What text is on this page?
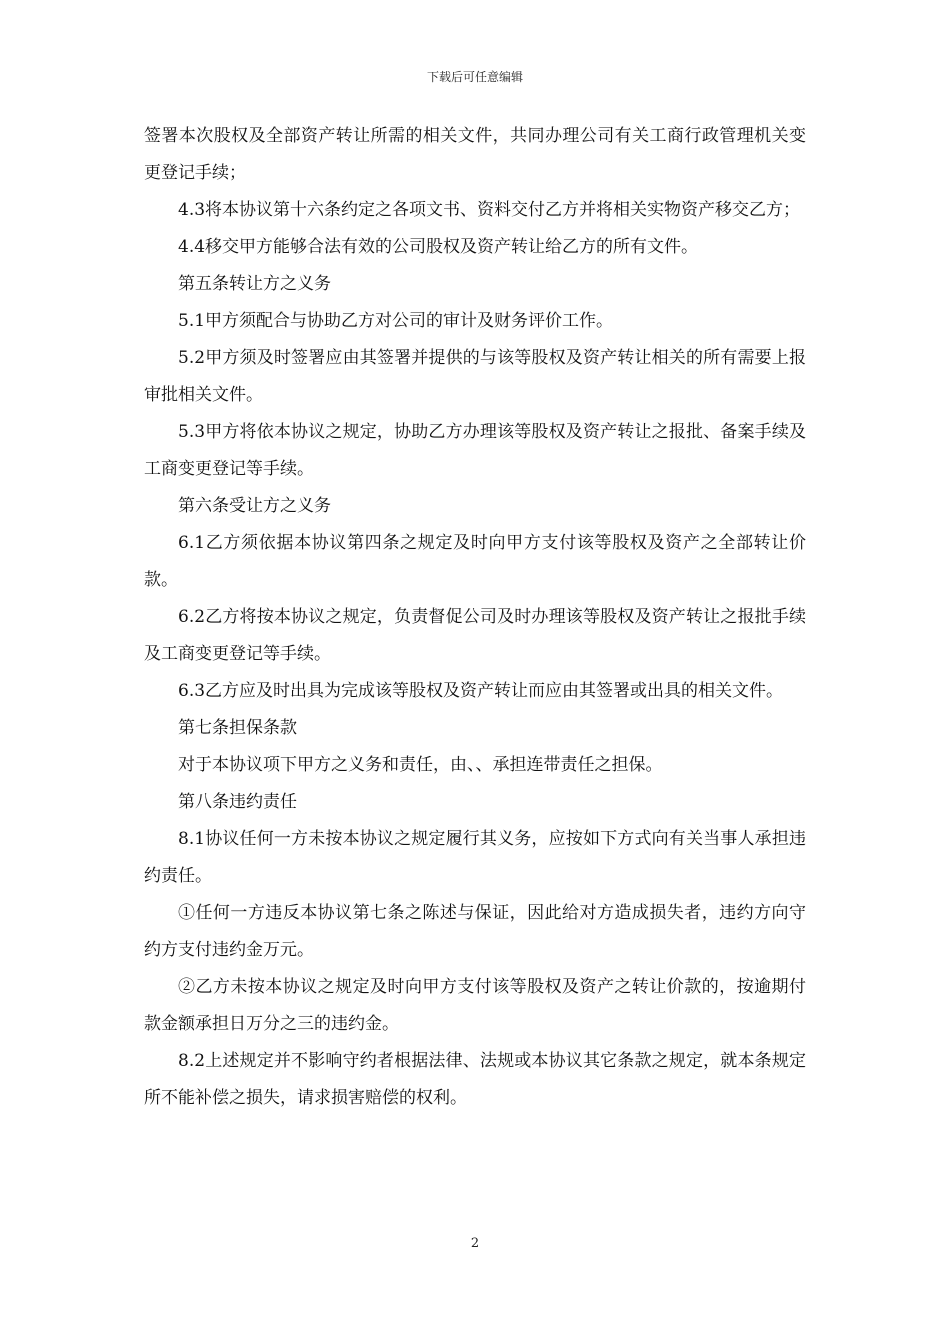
下载后可任意编辑

签署本次股权及全部资产转让所需的相关文件，共同办理公司有关工商行政管理机关变更登记手续；

4.3将本协议第十六条约定之各项文书、资料交付乙方并将相关实物资产移交乙方；

4.4移交甲方能够合法有效的公司股权及资产转让给乙方的所有文件。

第五条转让方之义务

5.1甲方须配合与协助乙方对公司的审计及财务评价工作。

5.2甲方须及时签署应由其签署并提供的与该等股权及资产转让相关的所有需要上报审批相关文件。

5.3甲方将依本协议之规定，协助乙方办理该等股权及资产转让之报批、备案手续及工商变更登记等手续。

第六条受让方之义务

6.1乙方须依据本协议第四条之规定及时向甲方支付该等股权及资产之全部转让价款。

6.2乙方将按本协议之规定，负责督促公司及时办理该等股权及资产转让之报批手续及工商变更登记等手续。

6.3乙方应及时出具为完成该等股权及资产转让而应由其签署或出具的相关文件。

第七条担保条款

对于本协议项下甲方之义务和责任，由、、承担连带责任之担保。

第八条违约责任

8.1协议任何一方未按本协议之规定履行其义务，应按如下方式向有关当事人承担违约责任。

①任何一方违反本协议第七条之陈述与保证，因此给对方造成损失者，违约方向守约方支付违约金万元。

②乙方未按本协议之规定及时向甲方支付该等股权及资产之转让价款的，按逾期付款金额承担日万分之三的违约金。

8.2上述规定并不影响守约者根据法律、法规或本协议其它条款之规定，就本条规定所不能补偿之损失，请求损害赔偿的权利。

2
